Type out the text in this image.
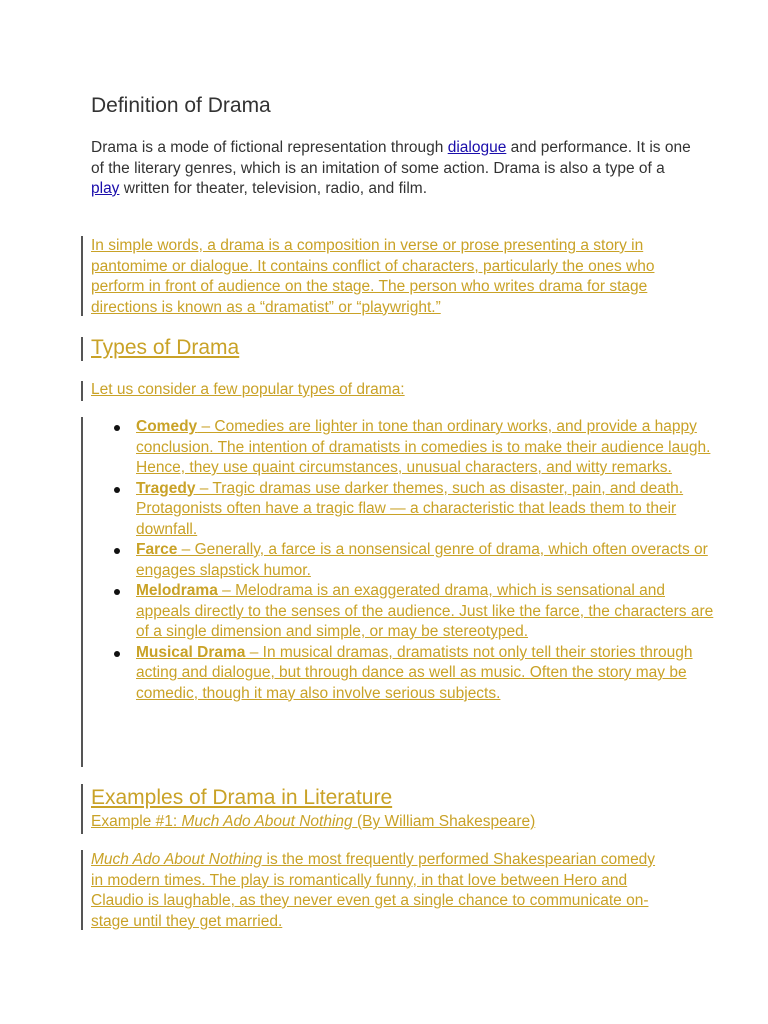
Definition of Drama

Drama is a mode of fictional representation through dialogue and performance. It is one of the literary genres, which is an imitation of some action. Drama is also a type of a play written for theater, television, radio, and film.

In simple words, a drama is a composition in verse or prose presenting a story in pantomime or dialogue. It contains conflict of characters, particularly the ones who perform in front of audience on the stage. The person who writes drama for stage directions is known as a “dramatist” or “playwright.”

Types of Drama

Let us consider a few popular types of drama:

Comedy – Comedies are lighter in tone than ordinary works, and provide a happy conclusion. The intention of dramatists in comedies is to make their audience laugh. Hence, they use quaint circumstances, unusual characters, and witty remarks.
Tragedy – Tragic dramas use darker themes, such as disaster, pain, and death. Protagonists often have a tragic flaw — a characteristic that leads them to their downfall.
Farce – Generally, a farce is a nonsensical genre of drama, which often overacts or engages slapstick humor.
Melodrama – Melodrama is an exaggerated drama, which is sensational and appeals directly to the senses of the audience. Just like the farce, the characters are of a single dimension and simple, or may be stereotyped.
Musical Drama – In musical dramas, dramatists not only tell their stories through acting and dialogue, but through dance as well as music. Often the story may be comedic, though it may also involve serious subjects.
Examples of Drama in Literature

Example #1: Much Ado About Nothing (By William Shakespeare)

Much Ado About Nothing is the most frequently performed Shakespearian comedy in modern times. The play is romantically funny, in that love between Hero and Claudio is laughable, as they never even get a single chance to communicate on-stage until they get married.
